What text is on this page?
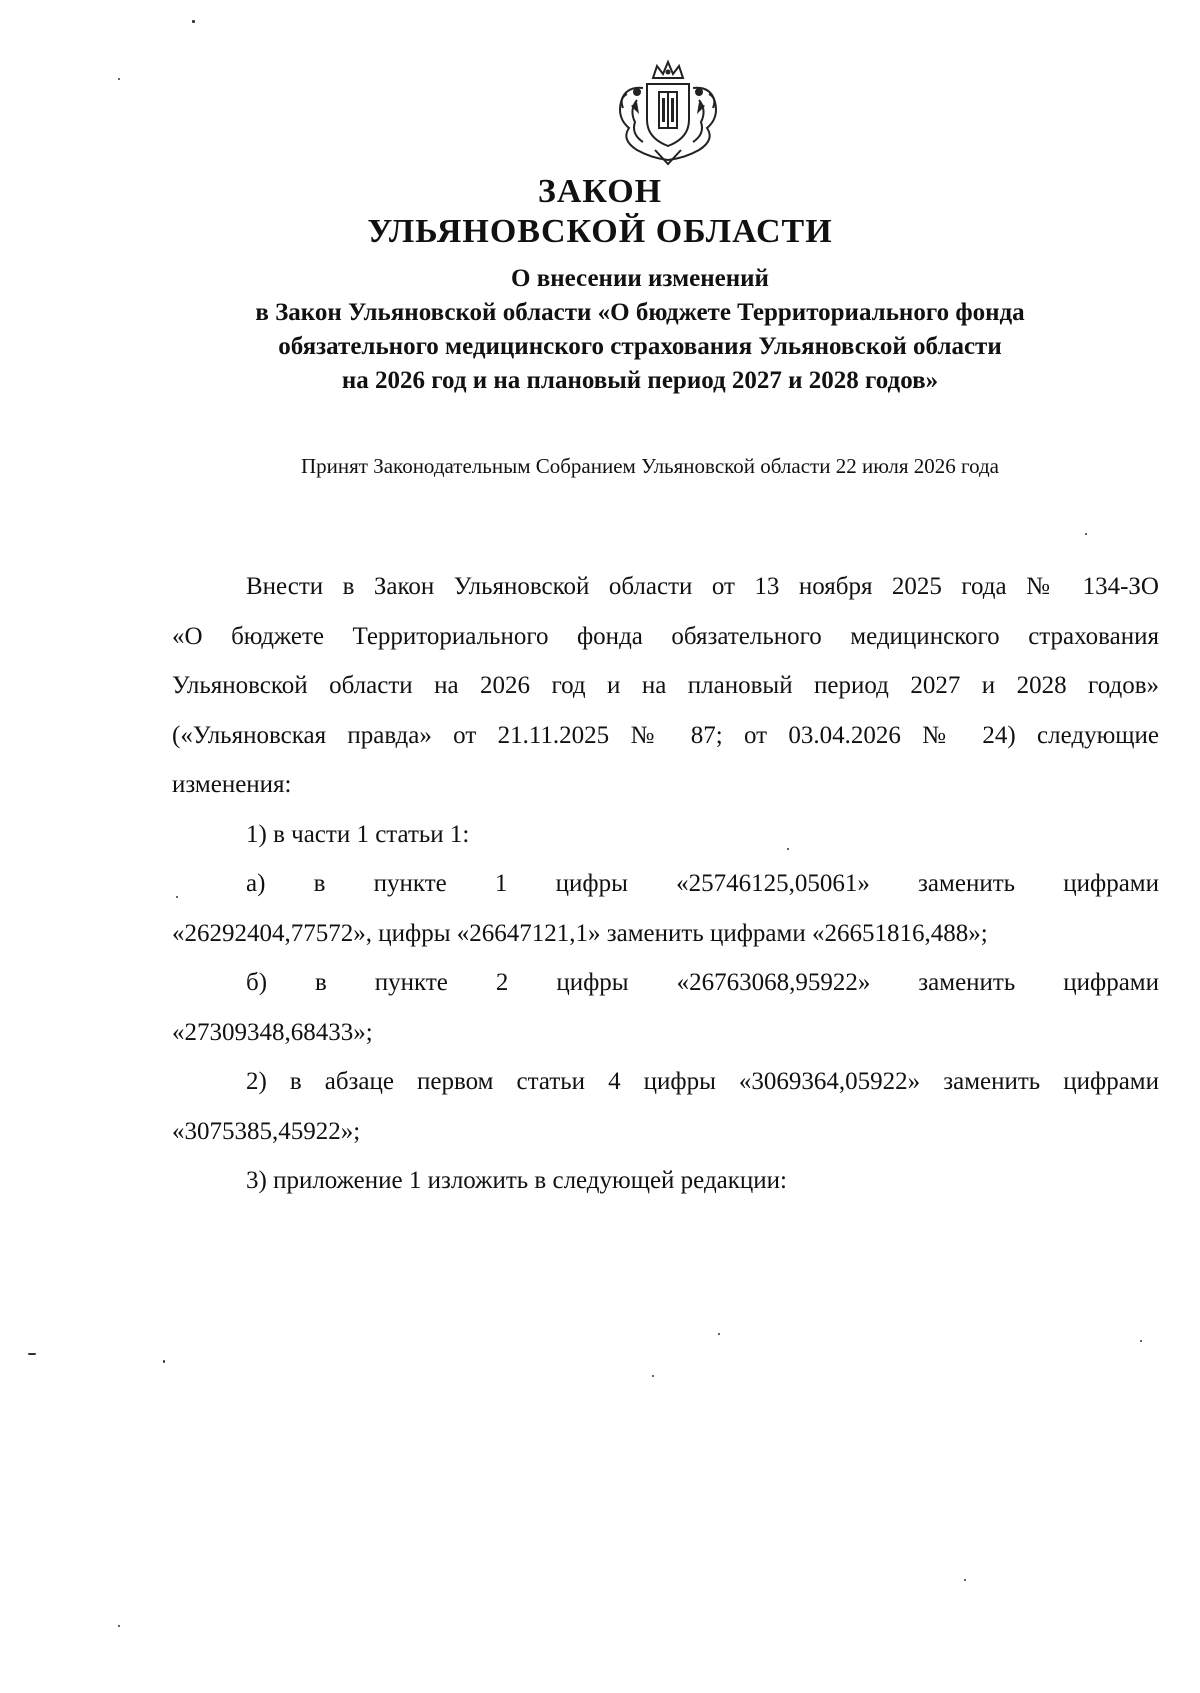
ЗАКОН
УЛЬЯНОВСКОЙ ОБЛАСТИ
О внесении изменений
в Закон Ульяновской области «О бюджете Территориального фонда
обязательного медицинского страхования Ульяновской области
на 2026 год и на плановый период 2027 и 2028 годов»
Принят Законодательным Собранием Ульяновской области 22 июля 2026 года
Внести в Закон Ульяновской области от 13 ноября 2025 года № 134-ЗО
«О бюджете Территориального фонда обязательного медицинского страхования
Ульяновской области на 2026 год и на плановый период 2027 и 2028 годов»
(«Ульяновская правда» от 21.11.2025 № 87; от 03.04.2026 № 24) следующие
изменения:
1) в части 1 статьи 1:
а) в пункте 1 цифры «25746125,05061» заменить цифрами
«26292404,77572», цифры «26647121,1» заменить цифрами «26651816,488»;
б) в пункте 2 цифры «26763068,95922» заменить цифрами
«27309348,68433»;
2) в абзаце первом статьи 4 цифры «3069364,05922» заменить цифрами
«3075385,45922»;
3) приложение 1 изложить в следующей редакции:
